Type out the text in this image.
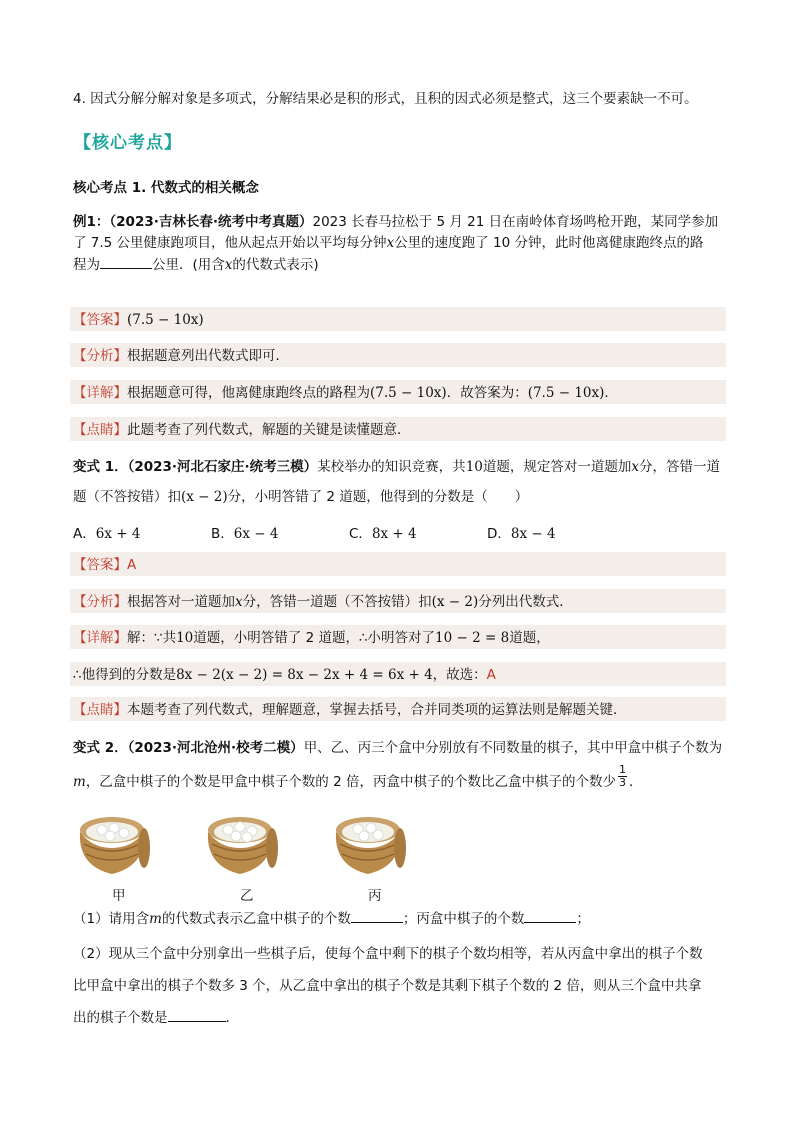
4. 因式分解分解对象是多项式，分解结果必是积的形式，且积的因式必须是整式，这三个要素缺一不可。
【核心考点】
核心考点 1. 代数式的相关概念
例1：（2023·吉林长春·统考中考真题）2023 长春马拉松于 5 月 21 日在南岭体育场鸣枪开跑，某同学参加
了 7.5 公里健康跑项目，他从起点开始以平均每分钟x公里的速度跑了 10 分钟，此时他离健康跑终点的路
程为	公里．(用含x的代数式表示)
【答案】(7.5 − 10x)
【分析】根据题意列出代数式即可．
【详解】根据题意可得，他离健康跑终点的路程为(7.5 − 10x)．故答案为：(7.5 − 10x)．
【点睛】此题考查了列代数式，解题的关键是读懂题意．
变式 1．（2023·河北石家庄·统考三模）某校举办的知识竞赛，共10道题，规定答对一道题加x分，答错一道
题（不答按错）扣(x − 2)分，小明答错了 2 道题，他得到的分数是（　　）
A．6x + 4	B．6x − 4	C．8x + 4	D．8x − 4
【答案】A
【分析】根据答对一道题加x分，答错一道题（不答按错）扣(x − 2)分列出代数式．
【详解】解：∵共10道题，小明答错了 2 道题，∴小明答对了10 − 2 = 8道题，
∴他得到的分数是8x − 2(x − 2) = 8x − 2x + 4 = 6x + 4，故选：A
【点睛】本题考查了列代数式，理解题意，掌握去括号，合并同类项的运算法则是解题关键．
变式 2．（2023·河北沧州·校考二模）甲、乙、丙三个盒中分别放有不同数量的棋子，其中甲盒中棋子个数为
m，乙盒中棋子的个数是甲盒中棋子个数的 2 倍，丙盒中棋子的个数比乙盒中棋子的个数少 $\frac{1}{3}$ ．
甲	乙	丙
（1）请用含m的代数式表示乙盒中棋子的个数	；丙盒中棋子的个数	；
（2）现从三个盒中分别拿出一些棋子后，使每个盒中剩下的棋子个数均相等，若从丙盒中拿出的棋子个数
比甲盒中拿出的棋子个数多 3 个，从乙盒中拿出的棋子个数是其剩下棋子个数的 2 倍，则从三个盒中共拿
出的棋子个数是	．
